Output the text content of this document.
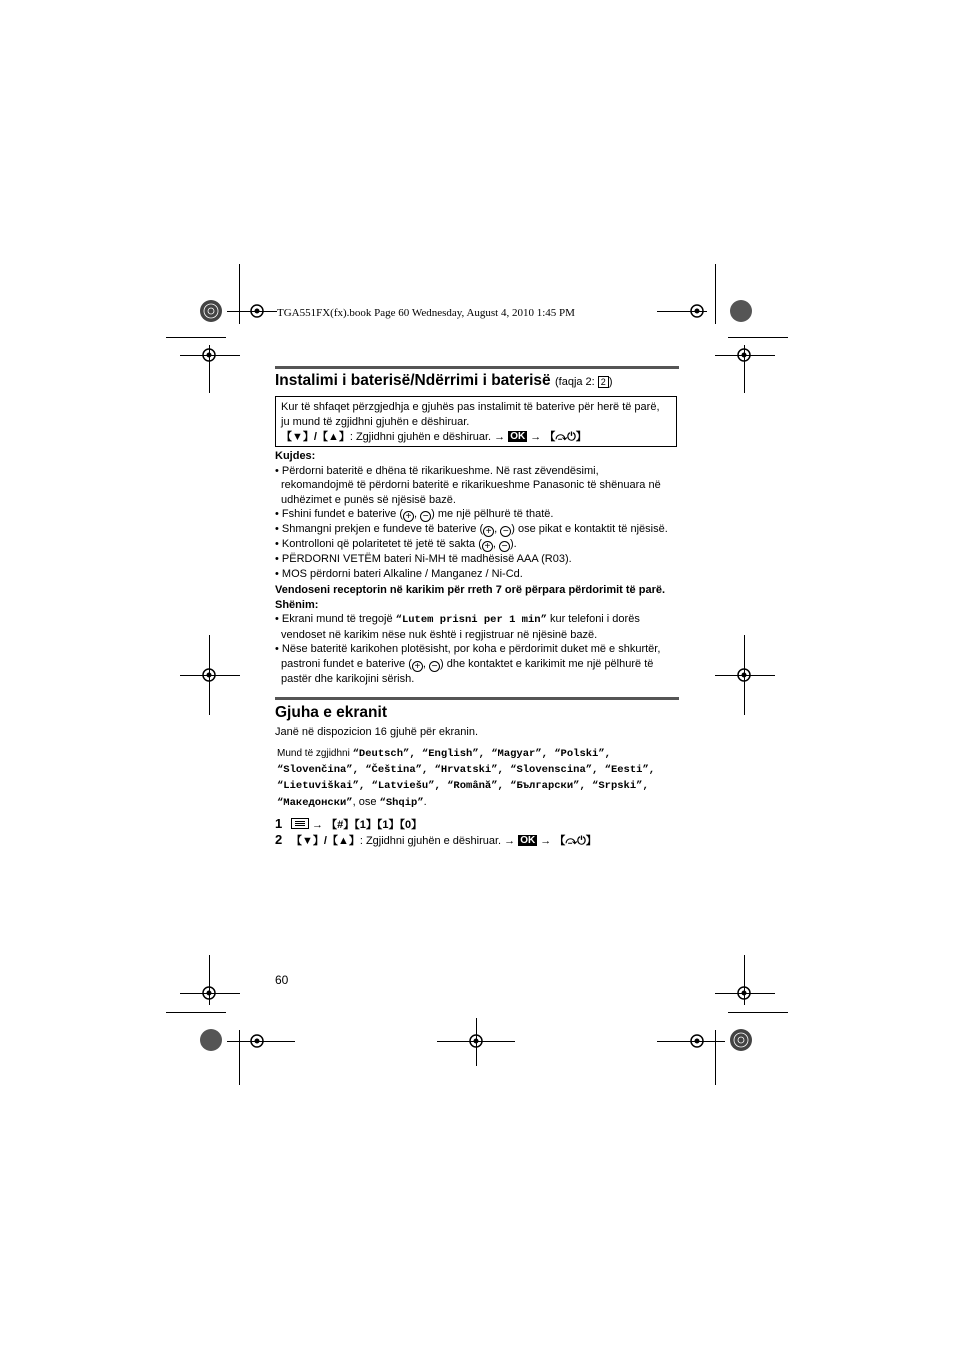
TGA551FX(fx).book Page 60 Wednesday, August 4, 2010 1:45 PM
Instalimi i baterisë/Ndërrimi i baterisë (faqja 2: 2 )
Kur të shfaqet përzgjedhja e gjuhës pas instalimit të baterive për herë të parë,
ju mund të zgjidhni gjuhën e dëshiruar.
【▼】/【▲】: Zgjidhni gjuhën e dëshiruar. → OK → 【⤼⏻】
Kujdes:
• Përdorni bateritë e dhëna të rikarikueshme. Në rast zëvendësimi,
rekomandojmë të përdorni bateritë e rikarikueshme Panasonic të shënuara në
udhëzimet e punës së njësisë bazë.
• Fshini fundet e baterive ( + , − ) me një pëlhurë të thatë.
• Shmangni prekjen e fundeve të baterive ( + , − ) ose pikat e kontaktit të njësisë.
• Kontrolloni që polaritetet të jetë të sakta ( + , − ).
• PËRDORNI VETËM bateri Ni-MH të madhësisë AAA (R03).
• MOS përdorni bateri Alkaline / Manganez / Ni-Cd.
Vendoseni receptorin në karikim për rreth 7 orë përpara përdorimit të parë.
Shënim:
• Ekrani mund të tregojë “Lutem prisni per 1 min” kur telefoni i dorës
vendoset në karikim nëse nuk është i regjistruar në njësinë bazë.
• Nëse bateritë karikohen plotësisht, por koha e përdorimit duket më e shkurtër,
pastroni fundet e baterive ( + , − ) dhe kontaktet e karikimit me një pëlhurë të
pastër dhe karikojini sërish.
Gjuha e ekranit
Janë në dispozicion 16 gjuhë për ekranin.
Mund të zgjidhni “Deutsch”, “English”, “Magyar”, “Polski”,
“Slovenčina”, “Čeština”, “Hrvatski”, “Slovenscina”, “Eesti”,
“Lietuviškai”, “Latviešu”, “Română”, “Български”, “Srpski”,
“Македонски”, ose “Shqip”.
1 → 【#】【1】【1】【0】
2 【▼】/【▲】: Zgjidhni gjuhën e dëshiruar. → OK → 【⤼⏻】
60
